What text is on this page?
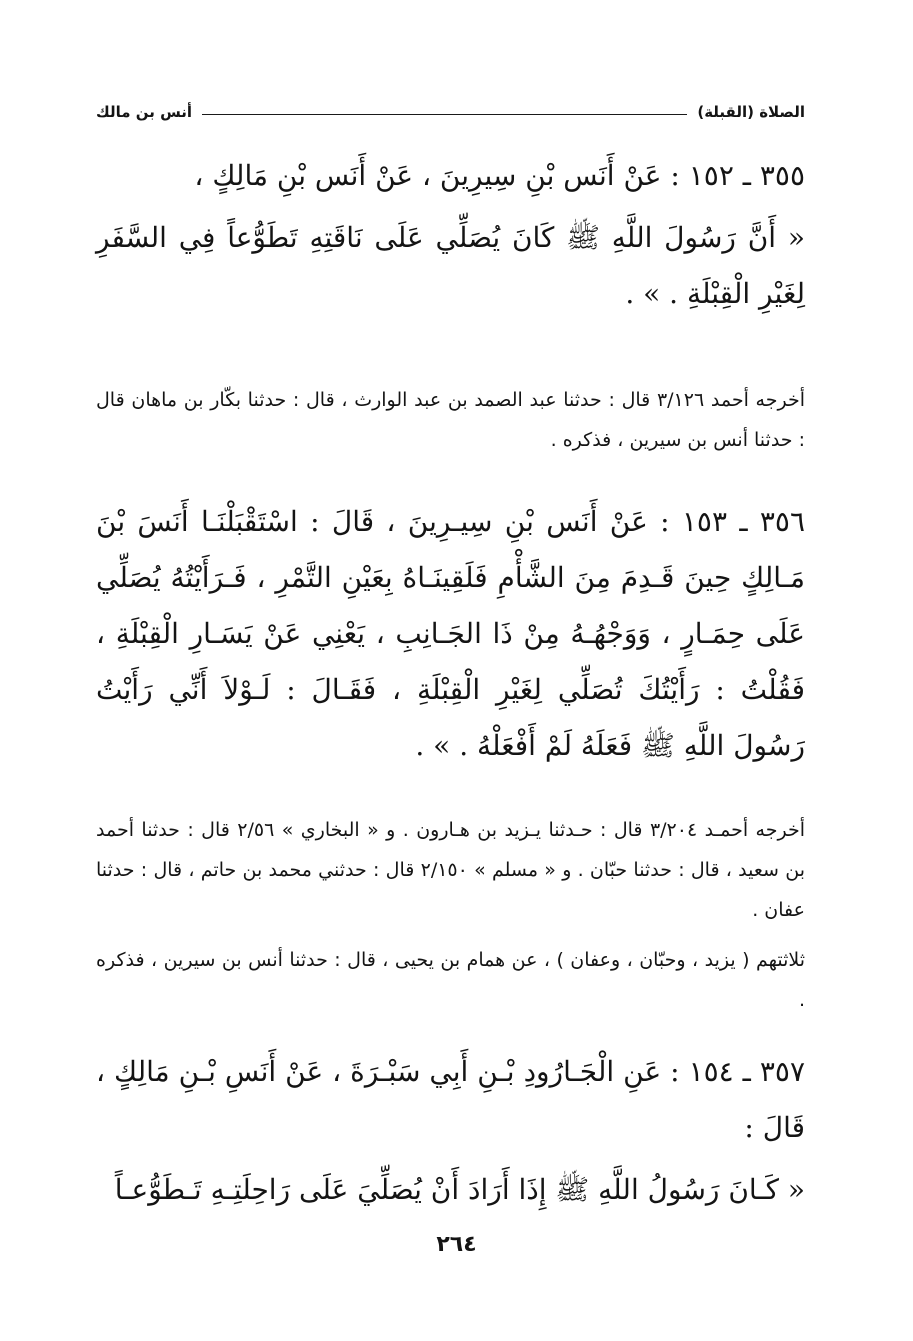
الصلاة (القبلة)
أنس بن مالك

٣٥٥ ـ ١٥٢ : عَنْ أَنَس بْنِ سِيرِينَ ، عَنْ أَنَس بْنِ مَالِكٍ ،
« أَنَّ رَسُولَ اللَّهِ ﷺ كَانَ يُصَلِّي عَلَى نَاقَتِهِ تَطَوُّعاً فِي السَّفَرِ لِغَيْرِ الْقِبْلَةِ . » .

أخرجه أحمد ٣/١٢٦ قال : حدثنا عبد الصمد بن عبد الوارث ، قال : حدثنا بكّار بن ماهان قال : حدثنا أنس بن سيرين ، فذكره .

٣٥٦ ـ ١٥٣ : عَنْ أَنَس بْنِ سِيـرِينَ ، قَالَ : اسْتَقْبَلْنَـا أَنَسَ بْنَ مَـالِكٍ حِينَ قَـدِمَ مِنَ الشَّأْمِ فَلَقِينَـاهُ بِعَيْنِ التَّمْرِ ، فَـرَأَيْتُهُ يُصَلِّي عَلَى حِمَـارٍ ، وَوَجْهُـهُ مِنْ ذَا الجَـانِبِ ، يَعْنِي عَنْ يَسَـارِ الْقِبْلَةِ ، فَقُلْتُ : رَأَيْتُكَ تُصَلِّي لِغَيْرِ الْقِبْلَةِ ، فَقَـالَ : لَـوْلاَ أَنِّي رَأَيْتُ رَسُولَ اللَّهِ ﷺ فَعَلَهُ لَمْ أَفْعَلْهُ . » .

أخرجه أحمـد ٣/٢٠٤ قال : حـدثنا يـزيد بن هـارون . و « البخاري » ٢/٥٦ قال : حدثنا أحمد بن سعيد ، قال : حدثنا حبّان . و « مسلم » ٢/١٥٠ قال : حدثني محمد بن حاتم ، قال : حدثنا عفان .

ثلاثتهم ( يزيد ، وحبّان ، وعفان ) ، عن همام بن يحيى ، قال : حدثنا أنس بن سيرين ، فذكره .

٣٥٧ ـ ١٥٤ : عَنِ الْجَـارُودِ بْـنِ أَبِي سَبْـرَةَ ، عَنْ أَنَسِ بْـنِ مَالِكٍ ، قَالَ :
« كَـانَ رَسُولُ اللَّهِ ﷺ إِذَا أَرَادَ أَنْ يُصَلِّيَ عَلَى رَاحِلَتِـهِ تَـطَوُّعـاً

٢٦٤
